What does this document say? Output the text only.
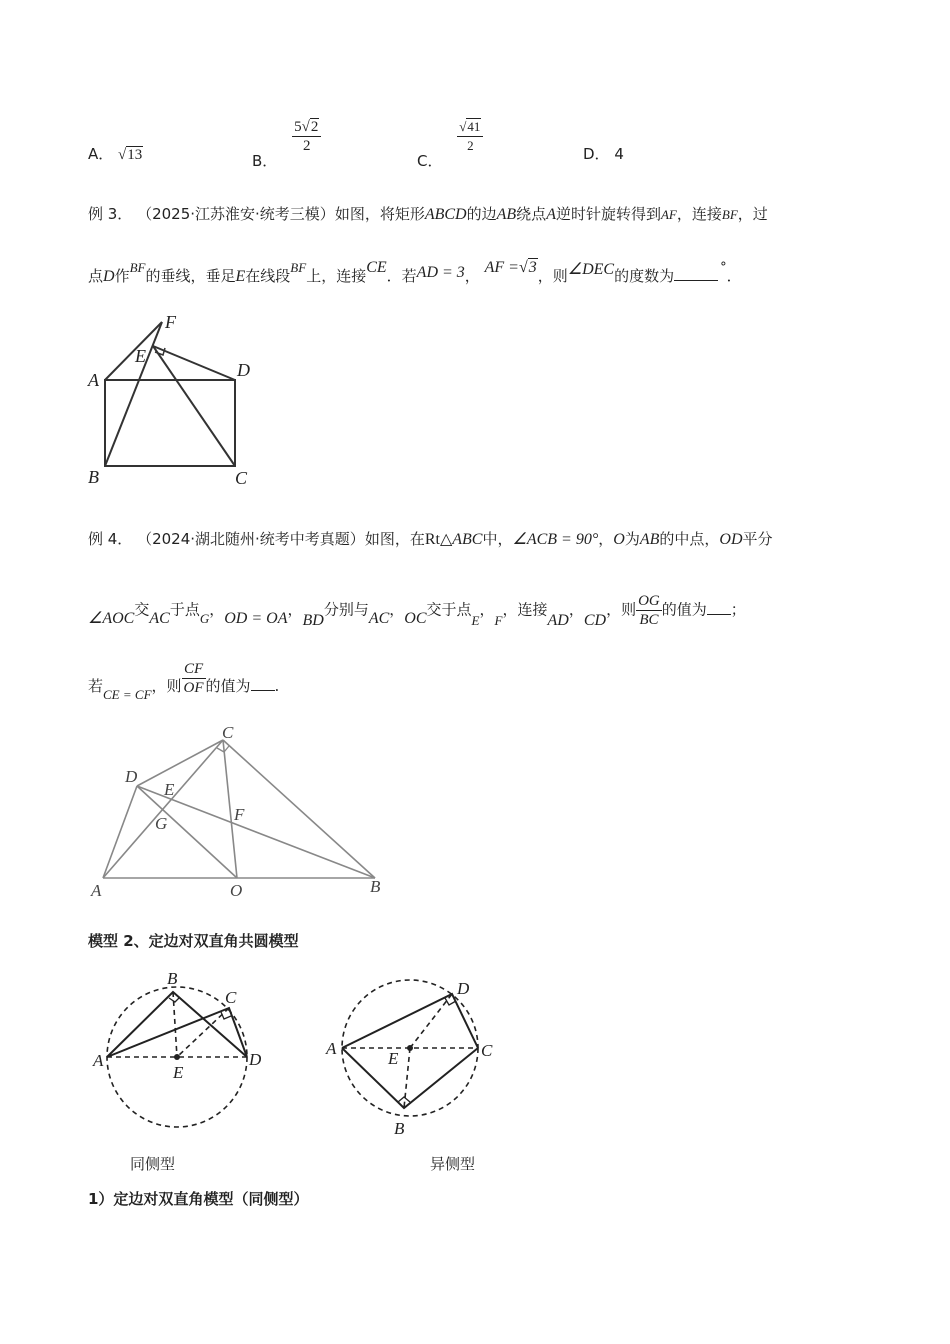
A． √13	B．
$\frac{5√2}{2}$
C．
$\frac{√41}{2}$	D． 4
例 3． （2025·江苏淮安·统考三模）如图，将矩形ABCD的边AB绕点A逆时针旋转得到AF，连接BF，过
点D作BF的垂线，垂足E在线段BF上，连接CE．若AD = 3， AF =√3，则∠DEC的度数为	°．
F
E
A	D
B	C
例 4． （2024·湖北随州·统考中考真题）如图，在Rt△ABC中，∠ACB = 90°，O为AB的中点，OD平分
∠AOC交AC于点G，OD = OA，BD分别与AC，OC交于点E，F，连接AD，CD，则 $\frac{OG}{BC}$ 的值为 ；
若CE = CF，则 $\frac{CF}{OF}$ 的值为 .
C
D
E
G	F
A	O	B
模型 2、定边对双直角共圆模型
B
C
A	D
E
同侧型
D
A
E	C
B
异侧型
1）定边对双直角模型（同侧型）
